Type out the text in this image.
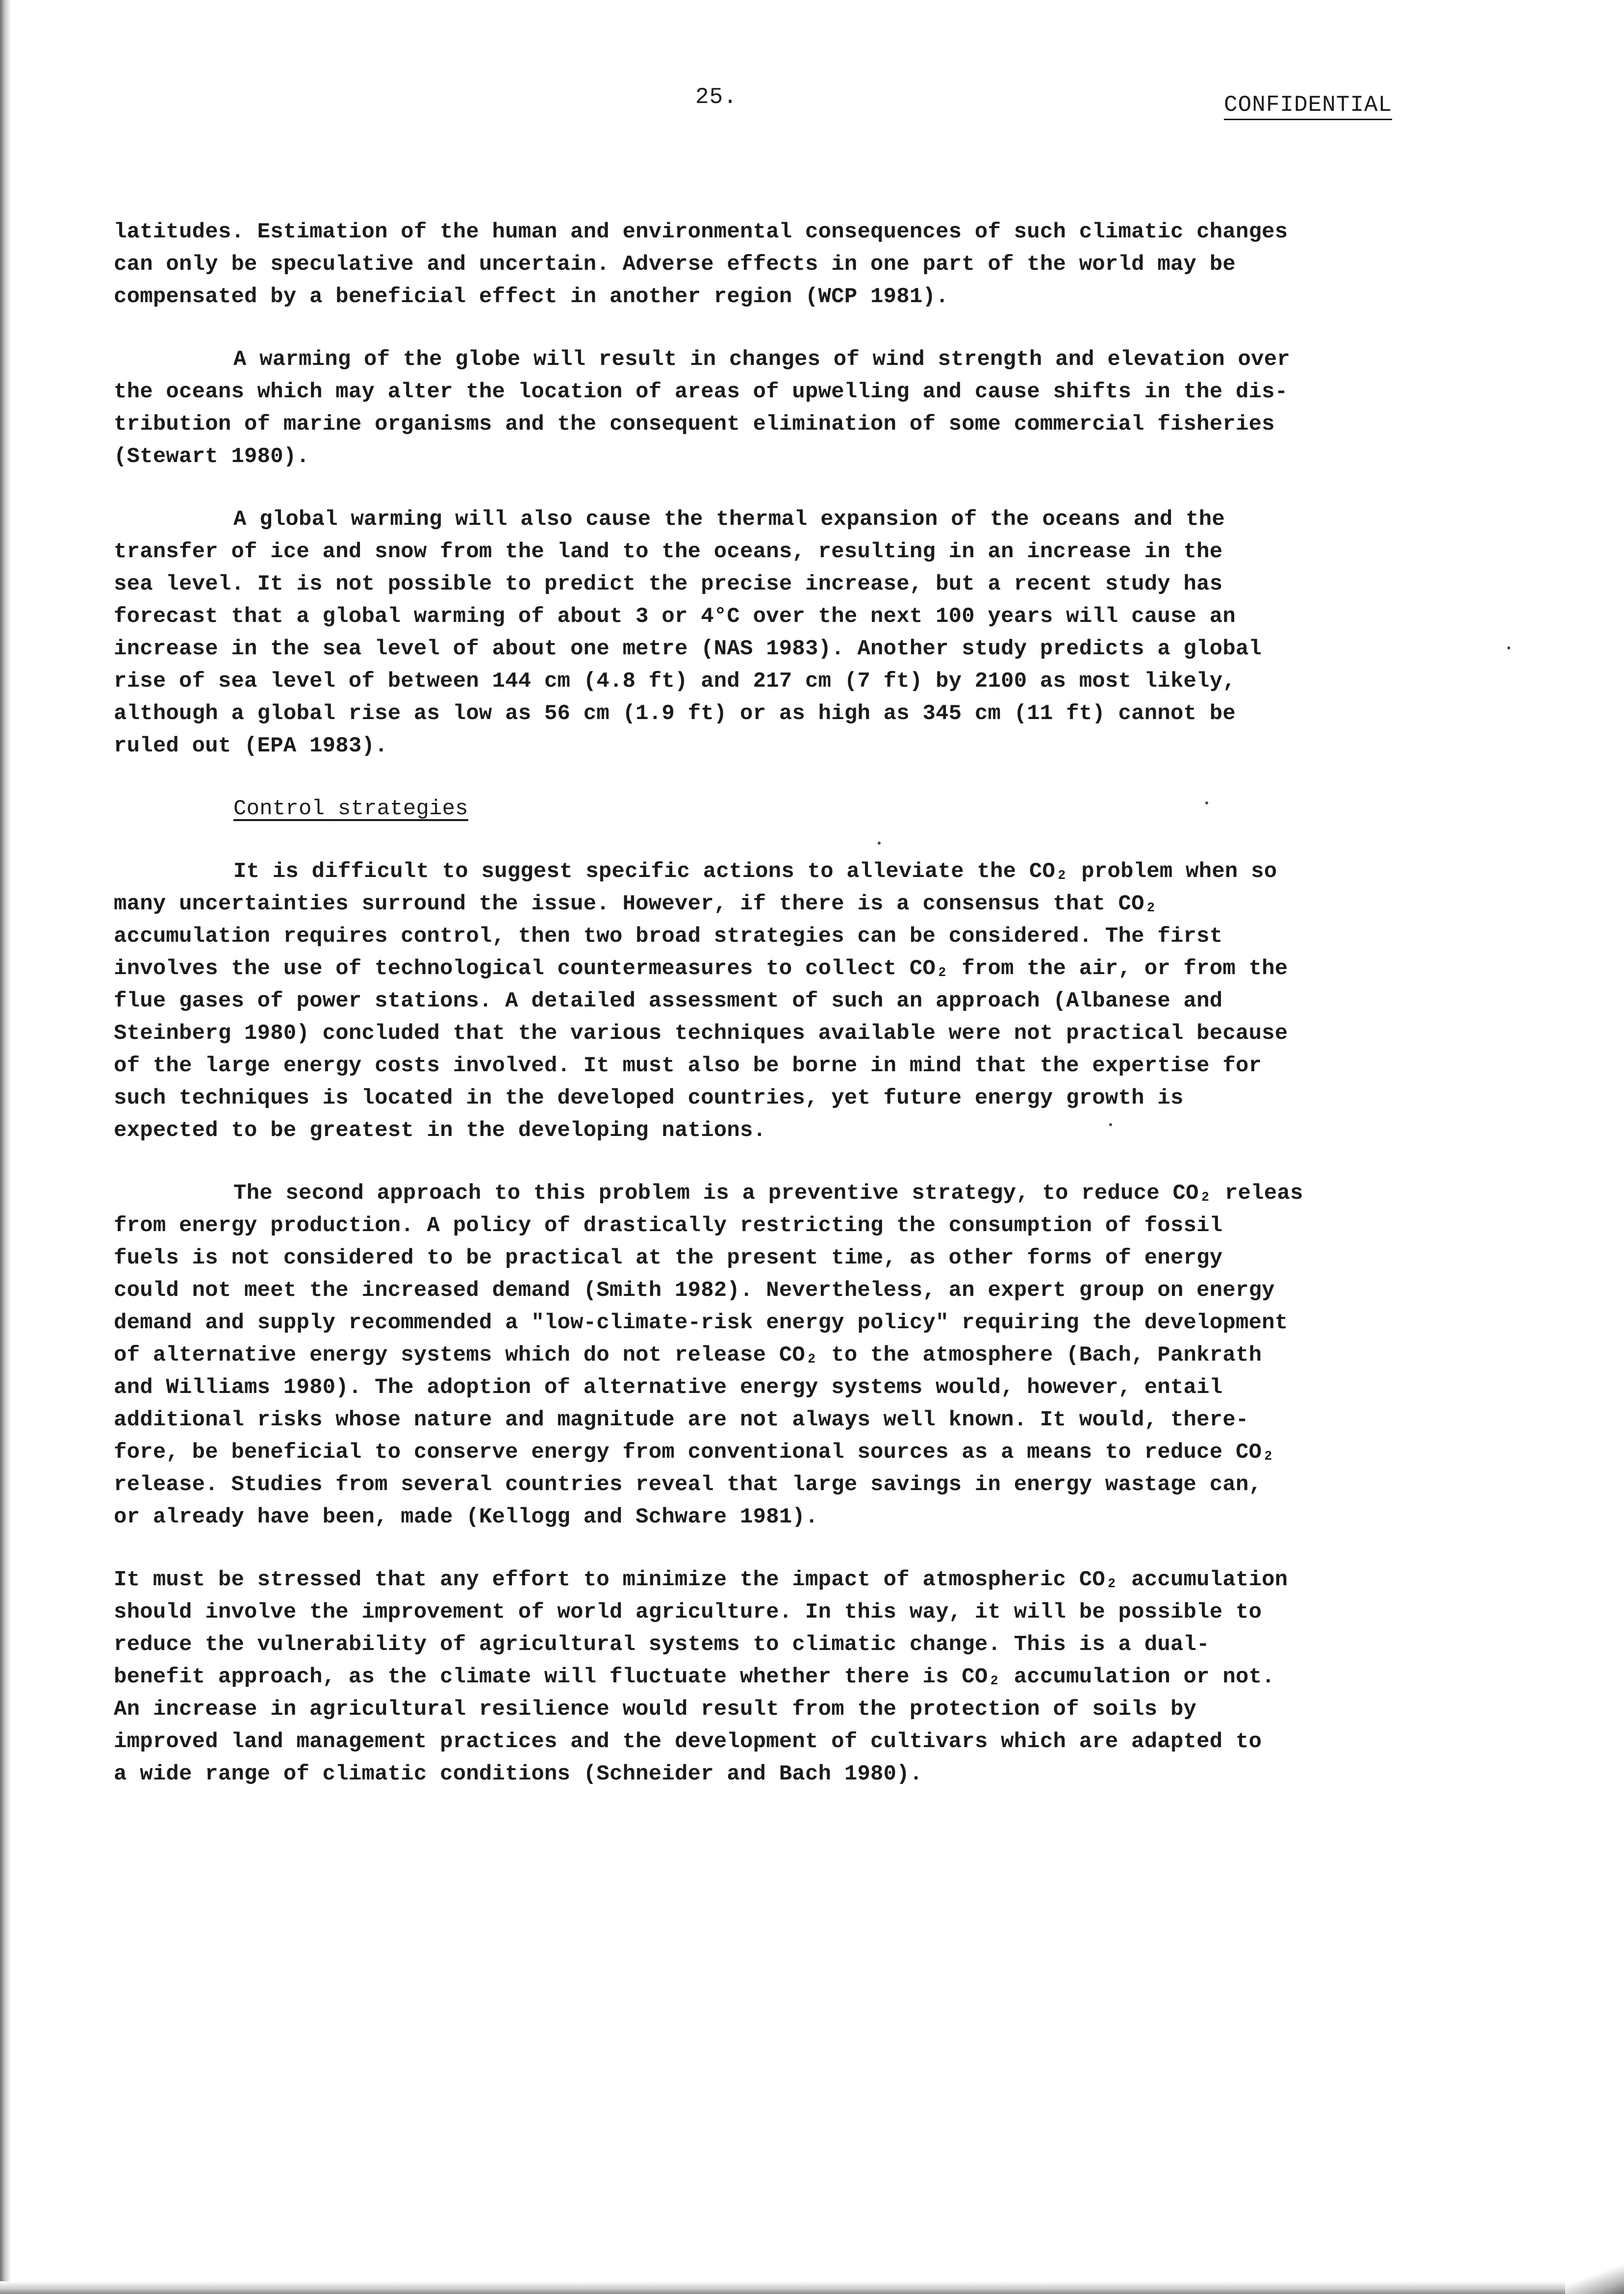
25.	CONFIDENTIAL

latitudes. Estimation of the human and environmental consequences of such climatic changes
can only be speculative and uncertain. Adverse effects in one part of the world may be
compensated by a beneficial effect in another region (WCP 1981).

A warming of the globe will result in changes of wind strength and elevation over
the oceans which may alter the location of areas of upwelling and cause shifts in the dis-
tribution of marine organisms and the consequent elimination of some commercial fisheries
(Stewart 1980).

A global warming will also cause the thermal expansion of the oceans and the
transfer of ice and snow from the land to the oceans, resulting in an increase in the
sea level. It is not possible to predict the precise increase, but a recent study has
forecast that a global warming of about 3 or 4°C over the next 100 years will cause an
increase in the sea level of about one metre (NAS 1983). Another study predicts a global
rise of sea level of between 144 cm (4.8 ft) and 217 cm (7 ft) by 2100 as most likely,
although a global rise as low as 56 cm (1.9 ft) or as high as 345 cm (11 ft) cannot be
ruled out (EPA 1983).

Control strategies

It is difficult to suggest specific actions to alleviate the CO₂ problem when so
many uncertainties surround the issue. However, if there is a consensus that CO₂
accumulation requires control, then two broad strategies can be considered. The first
involves the use of technological countermeasures to collect CO₂ from the air, or from the
flue gases of power stations. A detailed assessment of such an approach (Albanese and
Steinberg 1980) concluded that the various techniques available were not practical because
of the large energy costs involved. It must also be borne in mind that the expertise for
such techniques is located in the developed countries, yet future energy growth is
expected to be greatest in the developing nations.

The second approach to this problem is a preventive strategy, to reduce CO₂ releas
from energy production. A policy of drastically restricting the consumption of fossil
fuels is not considered to be practical at the present time, as other forms of energy
could not meet the increased demand (Smith 1982). Nevertheless, an expert group on energy
demand and supply recommended a "low-climate-risk energy policy" requiring the development
of alternative energy systems which do not release CO₂ to the atmosphere (Bach, Pankrath
and Williams 1980). The adoption of alternative energy systems would, however, entail
additional risks whose nature and magnitude are not always well known. It would, there-
fore, be beneficial to conserve energy from conventional sources as a means to reduce CO₂
release. Studies from several countries reveal that large savings in energy wastage can,
or already have been, made (Kellogg and Schware 1981).

It must be stressed that any effort to minimize the impact of atmospheric CO₂ accumulation
should involve the improvement of world agriculture. In this way, it will be possible to
reduce the vulnerability of agricultural systems to climatic change. This is a dual-
benefit approach, as the climate will fluctuate whether there is CO₂ accumulation or not.
An increase in agricultural resilience would result from the protection of soils by
improved land management practices and the development of cultivars which are adapted to
a wide range of climatic conditions (Schneider and Bach 1980).
